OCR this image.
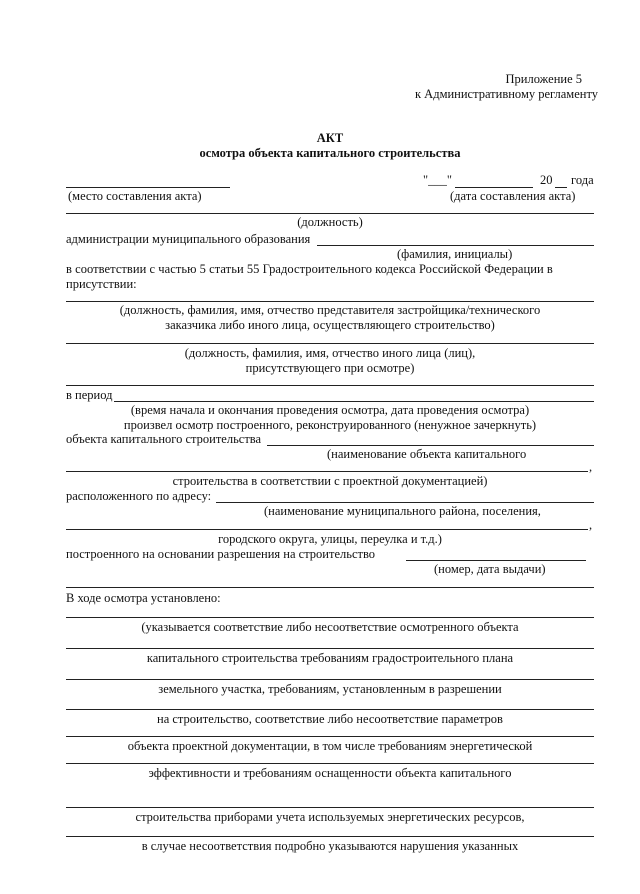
Приложение 5
к Административному регламенту
АКТ
осмотра объекта капитального строительства
"___"	20 года
(место составления акта)	(дата составления акта)
(должность)
администрации муниципального образования
(фамилия, инициалы)
в соответствии с частью 5 статьи 55 Градостроительного кодекса Российской Федерации в
присутствии:
(должность, фамилия, имя, отчество представителя застройщика/технического
заказчика либо иного лица, осуществляющего строительство)
(должность, фамилия, имя, отчество иного лица (лиц),
присутствующего при осмотре)
в период
(время начала и окончания проведения осмотра, дата проведения осмотра)
произвел осмотр построенного, реконструированного (ненужное зачеркнуть)
объекта капитального строительства
(наименование объекта капитального
,
строительства в соответствии с проектной документацией)
расположенного по адресу:
(наименование муниципального района, поселения,
,
городского округа, улицы, переулка и т.д.)
построенного на основании разрешения на строительство
(номер, дата выдачи)
В ходе осмотра установлено:
(указывается соответствие либо несоответствие осмотренного объекта
капитального строительства требованиям градостроительного плана
земельного участка, требованиям, установленным в разрешении
на строительство, соответствие либо несоответствие параметров
объекта проектной документации, в том числе требованиям энергетической
эффективности и требованиям оснащенности объекта капитального
строительства приборами учета используемых энергетических ресурсов,
в случае несоответствия подробно указываются нарушения указанных
